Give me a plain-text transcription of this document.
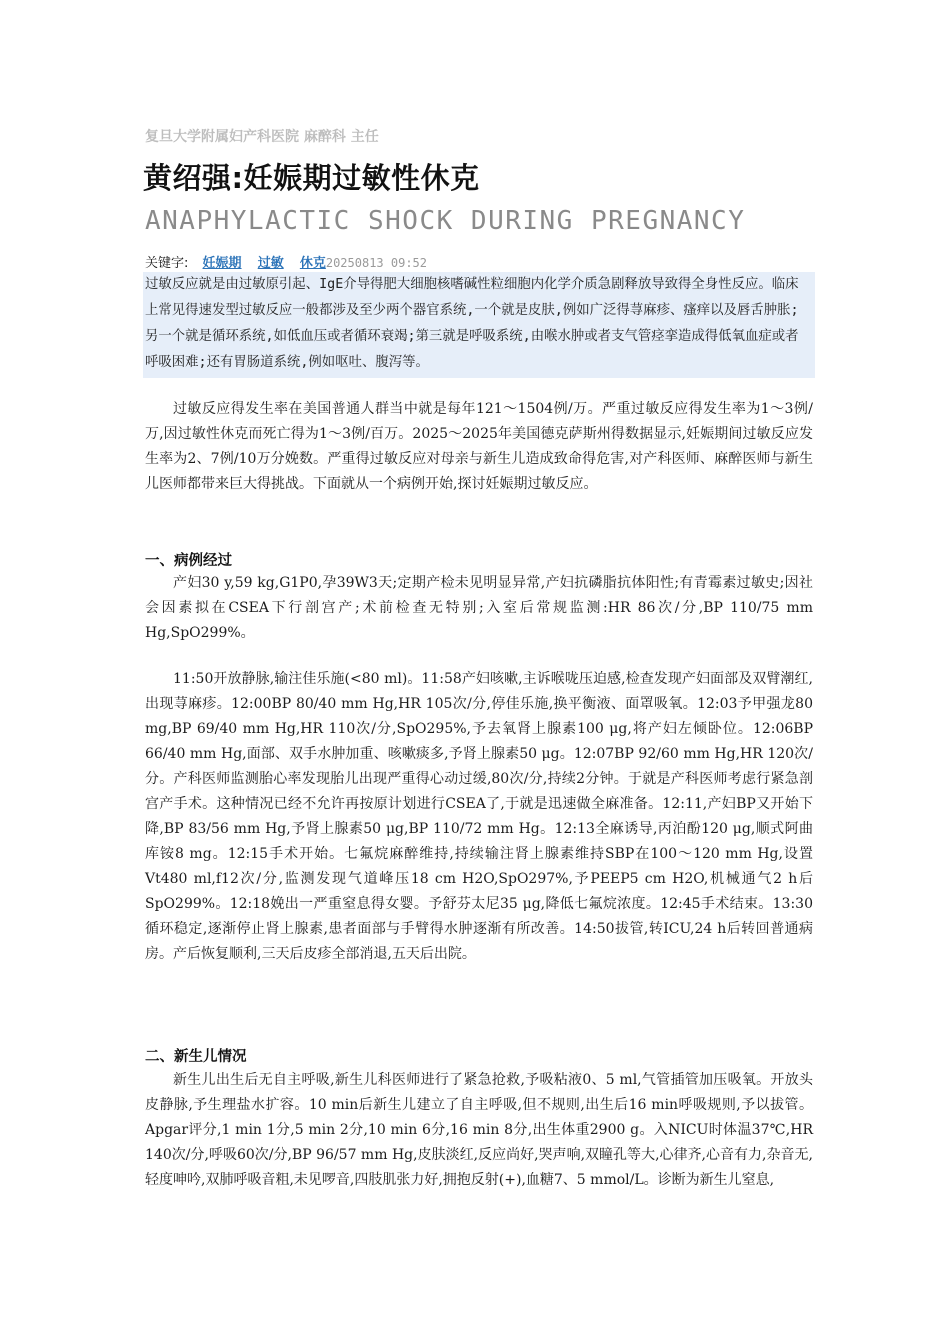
复旦大学附属妇产科医院 麻醉科 主任
黄绍强:妊娠期过敏性休克
ANAPHYLACTIC SHOCK DURING PREGNANCY
关键字: 妊娠期 过敏 休克20250813 09:52
过敏反应就是由过敏原引起、IgE介导得肥大细胞核嗜碱性粒细胞内化学介质急剧释放导致得全身性反应。临床上常见得速发型过敏反应一般都涉及至少两个器官系统,一个就是皮肤,例如广泛得荨麻疹、瘙痒以及唇舌肿胀;另一个就是循环系统,如低血压或者循环衰竭;第三就是呼吸系统,由喉水肿或者支气管痉挛造成得低氧血症或者呼吸困难;还有胃肠道系统,例如呕吐、腹泻等。

过敏反应得发生率在美国普通人群当中就是每年121～1504例/万。严重过敏反应得发生率为1～3例/万,因过敏性休克而死亡得为1～3例/百万。2025～2025年美国德克萨斯州得数据显示,妊娠期间过敏反应发生率为2、7例/10万分娩数。严重得过敏反应对母亲与新生儿造成致命得危害,对产科医师、麻醉医师与新生儿医师都带来巨大得挑战。下面就从一个病例开始,探讨妊娠期过敏反应。

一、病例经过

产妇30 y,59 kg,G1P0,孕39W3天;定期产检未见明显异常,产妇抗磷脂抗体阳性;有青霉素过敏史;因社会因素拟在CSEA下行剖宫产;术前检查无特别;入室后常规监测:HR 86次/分,BP 110/75 mm Hg,SpO299%。

11:50开放静脉,输注佳乐施(<80 ml)。11:58产妇咳嗽,主诉喉咙压迫感,检查发现产妇面部及双臂潮红,出现荨麻疹。12:00BP 80/40 mm Hg,HR 105次/分,停佳乐施,换平衡液、面罩吸氧。12:03予甲强龙80 mg,BP 69/40 mm Hg,HR 110次/分,SpO295%,予去氧肾上腺素100 μg,将产妇左倾卧位。12:06BP 66/40 mm Hg,面部、双手水肿加重、咳嗽痰多,予肾上腺素50 μg。12:07BP 92/60 mm Hg,HR 120次/分。产科医师监测胎心率发现胎儿出现严重得心动过缓,80次/分,持续2分钟。于就是产科医师考虑行紧急剖宫产手术。这种情况已经不允许再按原计划进行CSEA了,于就是迅速做全麻准备。12:11,产妇BP又开始下降,BP 83/56 mm Hg,予肾上腺素50 μg,BP 110/72 mm Hg。12:13全麻诱导,丙泊酚120 μg,顺式阿曲库铵8 mg。12:15手术开始。七氟烷麻醉维持,持续输注肾上腺素维持SBP在100～120 mm Hg,设置Vt480 ml,f12次/分,监测发现气道峰压18 cm H2O,SpO297%,予PEEP5 cm H2O,机械通气2 h后SpO299%。12:18娩出一严重窒息得女婴。予舒芬太尼35 μg,降低七氟烷浓度。12:45手术结束。13:30循环稳定,逐渐停止肾上腺素,患者面部与手臂得水肿逐渐有所改善。14:50拔管,转ICU,24 h后转回普通病房。产后恢复顺利,三天后皮疹全部消退,五天后出院。

二、新生儿情况

新生儿出生后无自主呼吸,新生儿科医师进行了紧急抢救,予吸粘液0、5 ml,气管插管加压吸氧。开放头皮静脉,予生理盐水扩容。10 min后新生儿建立了自主呼吸,但不规则,出生后16 min呼吸规则,予以拔管。Apgar评分,1 min 1分,5 min 2分,10 min 6分,16 min 8分,出生体重2900 g。入NICU时体温37℃,HR 140次/分,呼吸60次/分,BP 96/57 mm Hg,皮肤淡红,反应尚好,哭声响,双瞳孔等大,心律齐,心音有力,杂音无,轻度呻吟,双肺呼吸音粗,未见啰音,四肢肌张力好,拥抱反射(+),血糖7、5 mmol/L。诊断为新生儿窒息,
